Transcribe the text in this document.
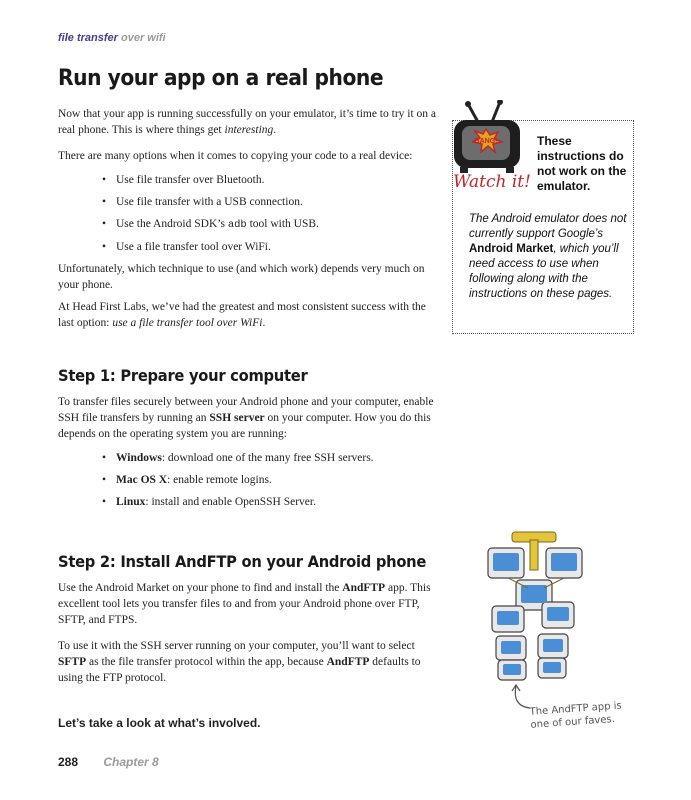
file transfer over wifi
Run your app on a real phone

Now that your app is running successfully on your emulator, it’s time to try it on a real phone. This is where things get interesting.

There are many options when it comes to copying your code to a real device:

• Use file transfer over Bluetooth.
• Use file transfer with a USB connection.
• Use the Android SDK’s adb tool with USB.
• Use a file transfer tool over WiFi.

Unfortunately, which technique to use (and which work) depends very much on your phone.

At Head First Labs, we’ve had the greatest and most consistent success with the last option: use a file transfer tool over WiFi.

BANG!
Watch it!
These instructions do not work on the emulator.
The Android emulator does not currently support Google’s Android Market, which you’ll need access to use when following along with the instructions on these pages.
Step 1: Prepare your computer

To transfer files securely between your Android phone and your computer, enable SSH file transfers by running an SSH server on your computer. How you do this depends on the operating system you are running:

• Windows: download one of the many free SSH servers.
• Mac OS X: enable remote logins.
• Linux: install and enable OpenSSH Server.
Step 2: Install AndFTP on your Android phone

Use the Android Market on your phone to find and install the AndFTP app. This excellent tool lets you transfer files to and from your Android phone over FTP, SFTP, and FTPS.

To use it with the SSH server running on your computer, you’ll want to select SFTP as the file transfer protocol within the app, because AndFTP defaults to using the FTP protocol.

The AndFTP app is one of our faves.
Let’s take a look at what’s involved.
288 Chapter 8
